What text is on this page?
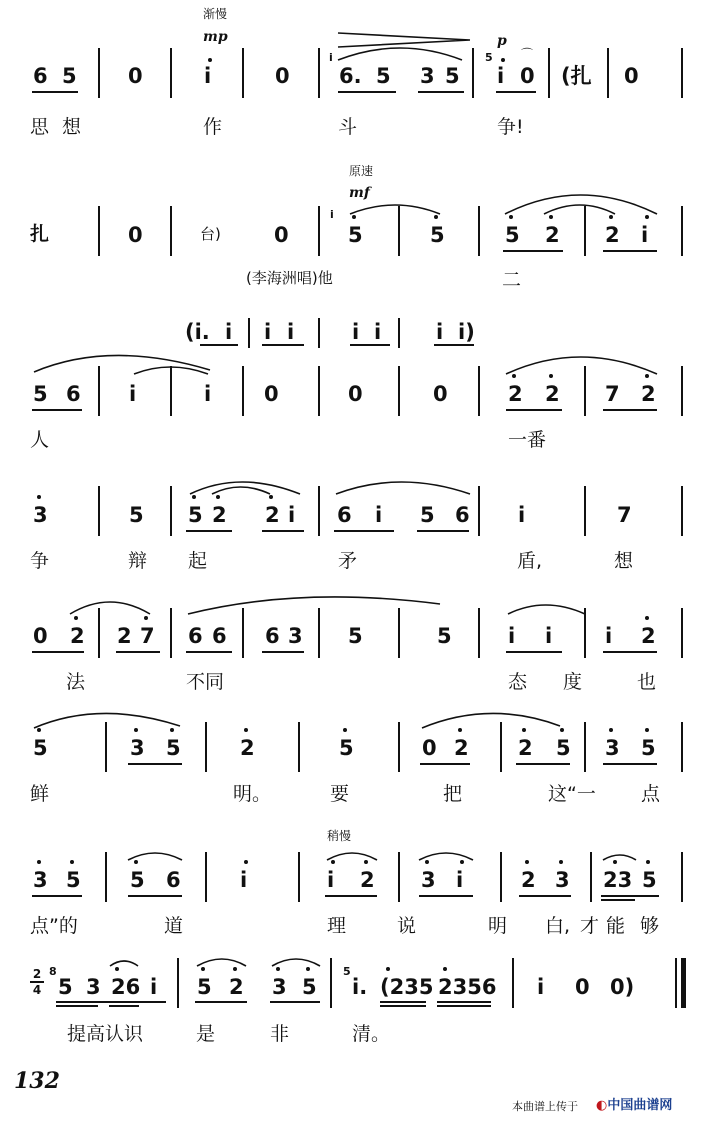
渐慢
mp	p
6 5 0	i	0 6. 5 3 5 i 0 (扎 0
i	5 ⌒
思 想	作	斗	争!
原速
mf
扎	0	台)	0	5	5	5 2 2 i
i
(李海洲唱)他	二
(i. i i i	i i	i i)
5 6 i	i	0	0	0	2 2 7 2
人	一番
3	5 5 2 2 i 6 i 5 6 i	7
争	辩 起	矛	盾,	想
0 2 2 7 6 6 6 3 5	5	i i	i 2
法	不同	态 度	也
5	3 5	2	5	0 2 2 5 3 5
鲜	明。	要	把	这“一 点
稍慢
3 5 5 6	i	i 2 3 i	2 3 23 5
点”的	道	理	说	明 白, 才 能 够
2
4
8	5
5 3 26 i 5 2 3 5 i. (235 2356 i 0 0)
提高认识	是	非	清。
132
本曲谱上传于 ◐中国曲谱网
